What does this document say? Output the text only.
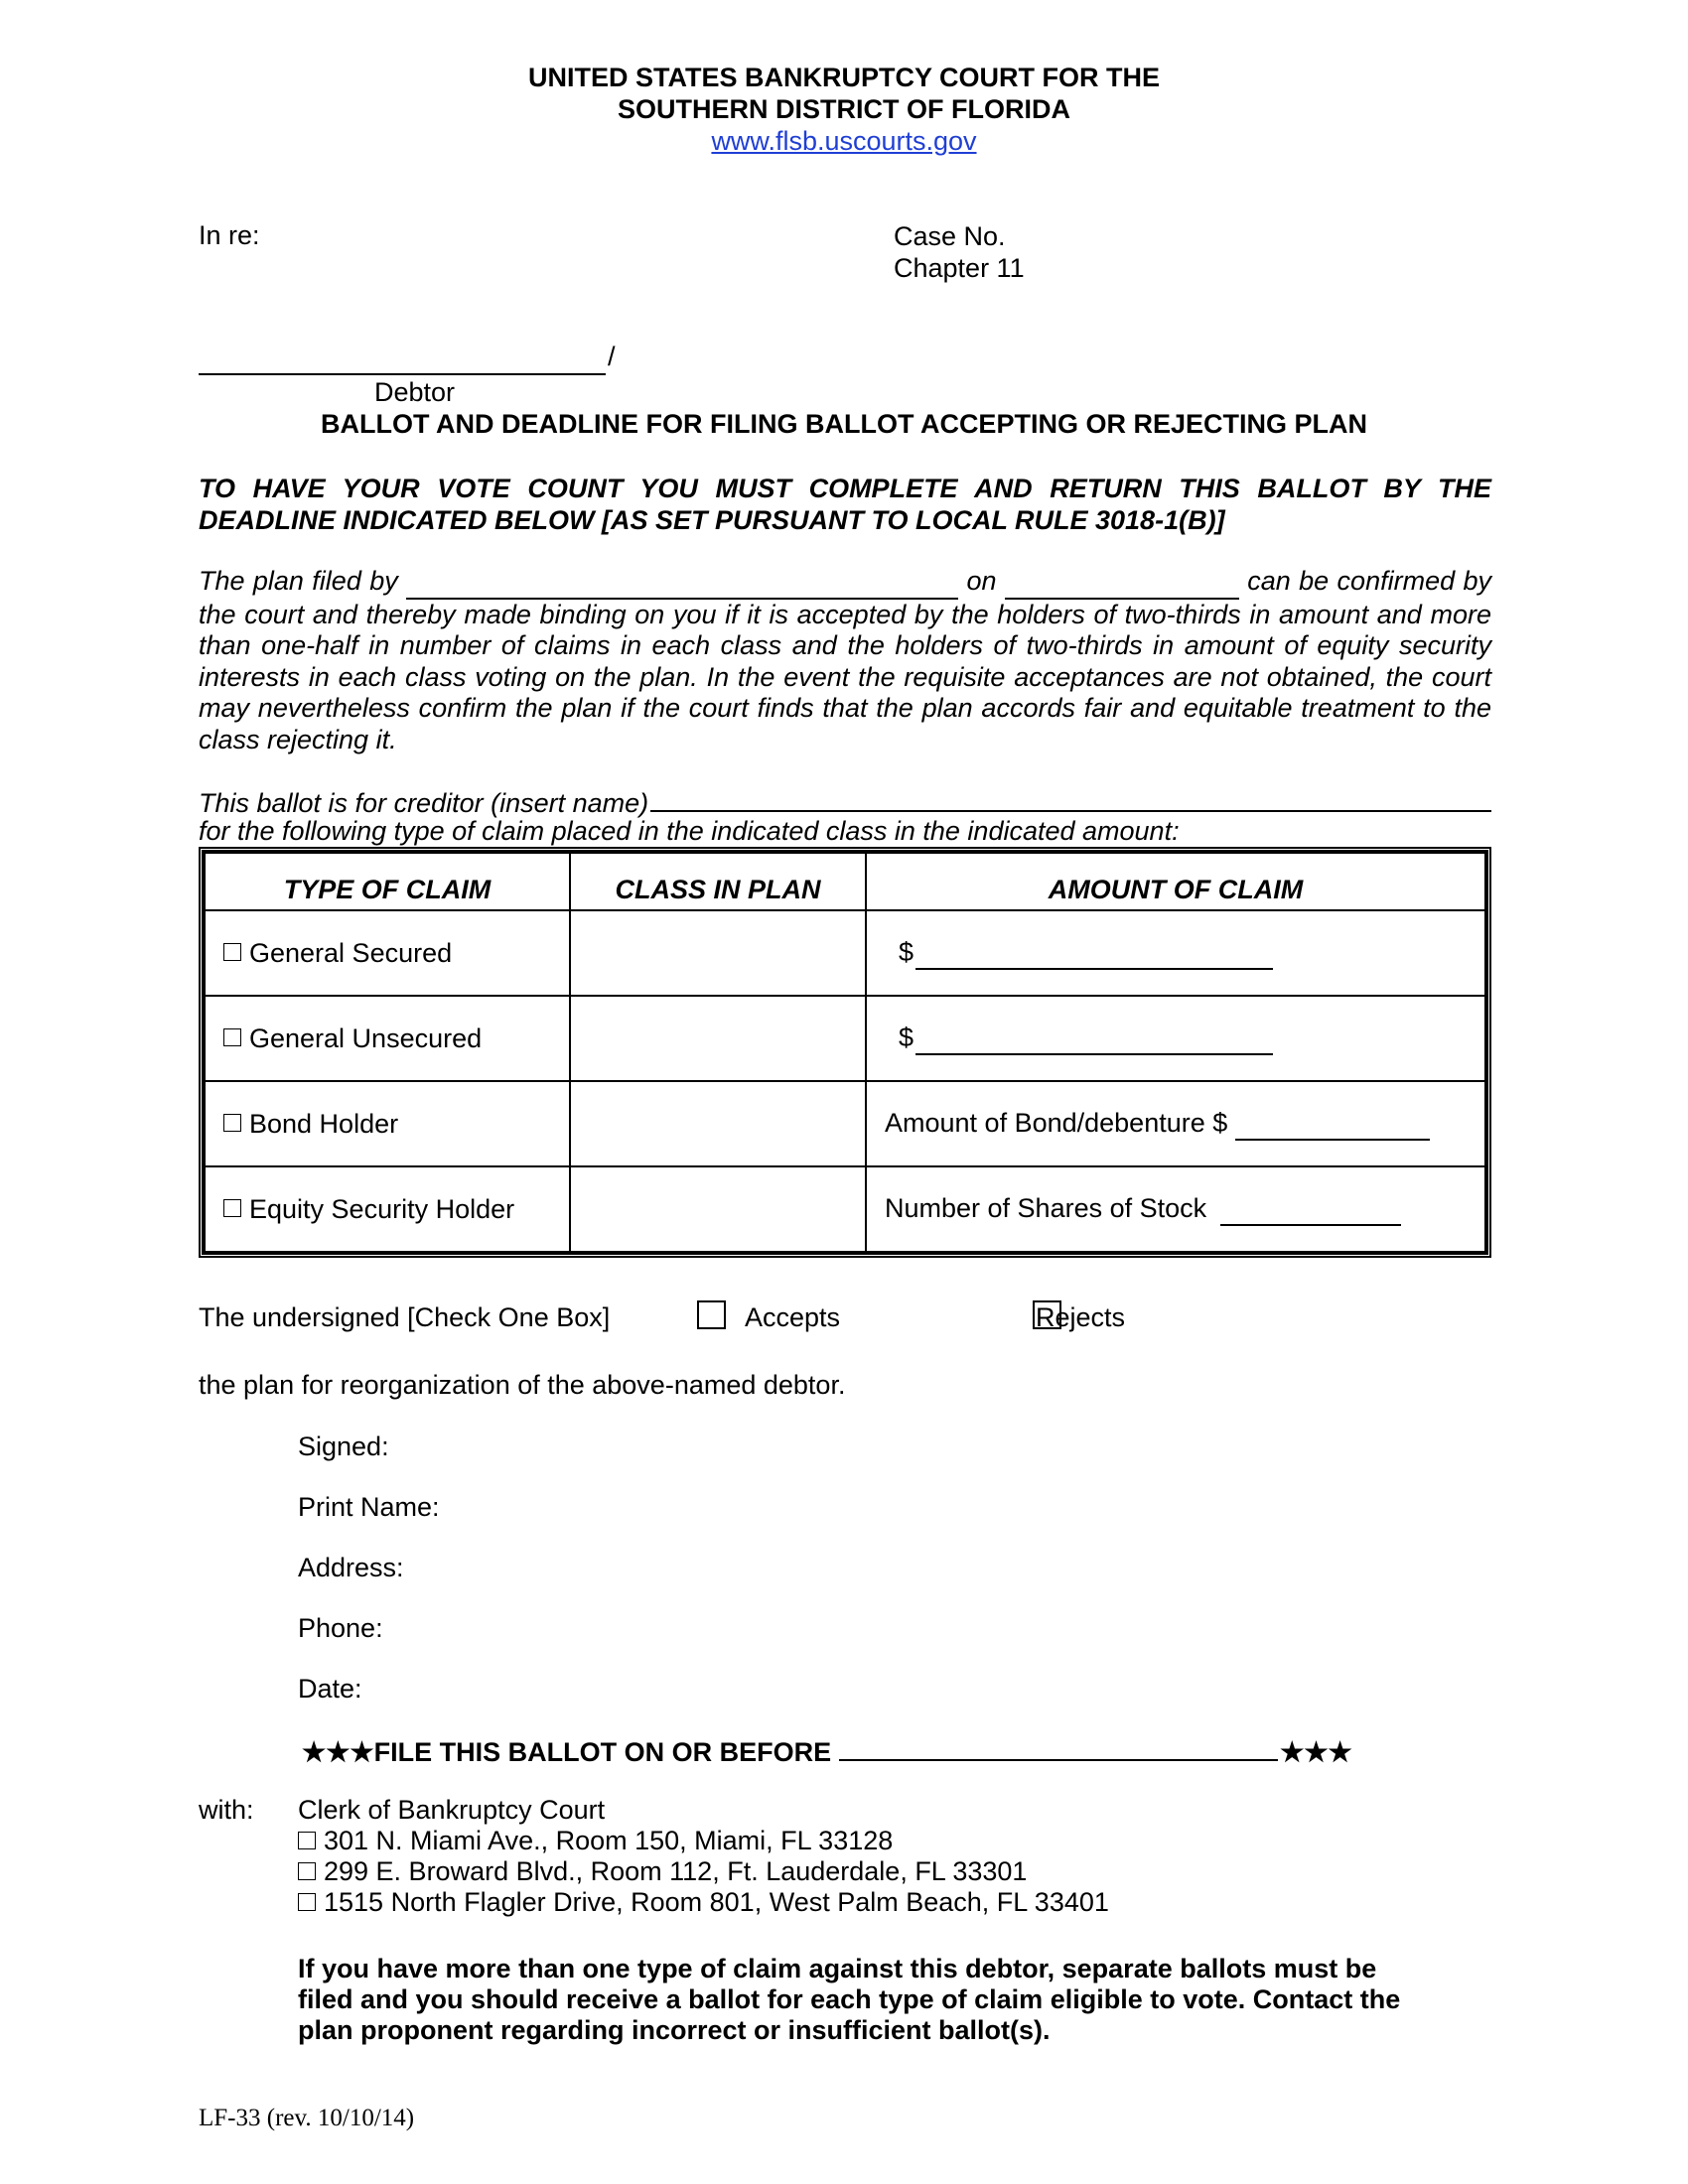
UNITED STATES BANKRUPTCY COURT FOR THE
SOUTHERN DISTRICT OF FLORIDA
www.flsb.uscourts.gov
In re:	Case No.
Chapter 11
/
Debtor
BALLOT AND DEADLINE FOR FILING BALLOT ACCEPTING OR REJECTING PLAN
TO HAVE YOUR VOTE COUNT YOU MUST COMPLETE AND RETURN THIS BALLOT BY THE DEADLINE INDICATED BELOW [AS SET PURSUANT TO LOCAL RULE 3018-1(B)]
The plan filed by	on	can be confirmed by the court and thereby made binding on you if it is accepted by the holders of two-thirds in amount and more than one-half in number of claims in each class and the holders of two-thirds in amount of equity security interests in each class voting on the plan. In the event the requisite acceptances are not obtained, the court may nevertheless confirm the plan if the court finds that the plan accords fair and equitable treatment to the class rejecting it.
This ballot is for creditor (insert name)
for the following type of claim placed in the indicated class in the indicated amount:
TYPE OF CLAIM	CLASS IN PLAN	AMOUNT OF CLAIM
General Secured		$
General Unsecured		$
Bond Holder		Amount of Bond/debenture $
Equity Security Holder		Number of Shares of Stock
The undersigned [Check One Box]
	Accepts	Rejects
the plan for reorganization of the above-named debtor.
Signed:
Print Name:
Address:
Phone:
Date:
★★★ FILE THIS BALLOT ON OR BEFORE	★★★
with: Clerk of Bankruptcy Court
301 N. Miami Ave., Room 150, Miami, FL 33128
299 E. Broward Blvd., Room 112, Ft. Lauderdale, FL 33301
1515 North Flagler Drive, Room 801, West Palm Beach, FL 33401
If you have more than one type of claim against this debtor, separate ballots must be filed and you should receive a ballot for each type of claim eligible to vote. Contact the plan proponent regarding incorrect or insufficient ballot(s).
LF-33 (rev. 10/10/14)
